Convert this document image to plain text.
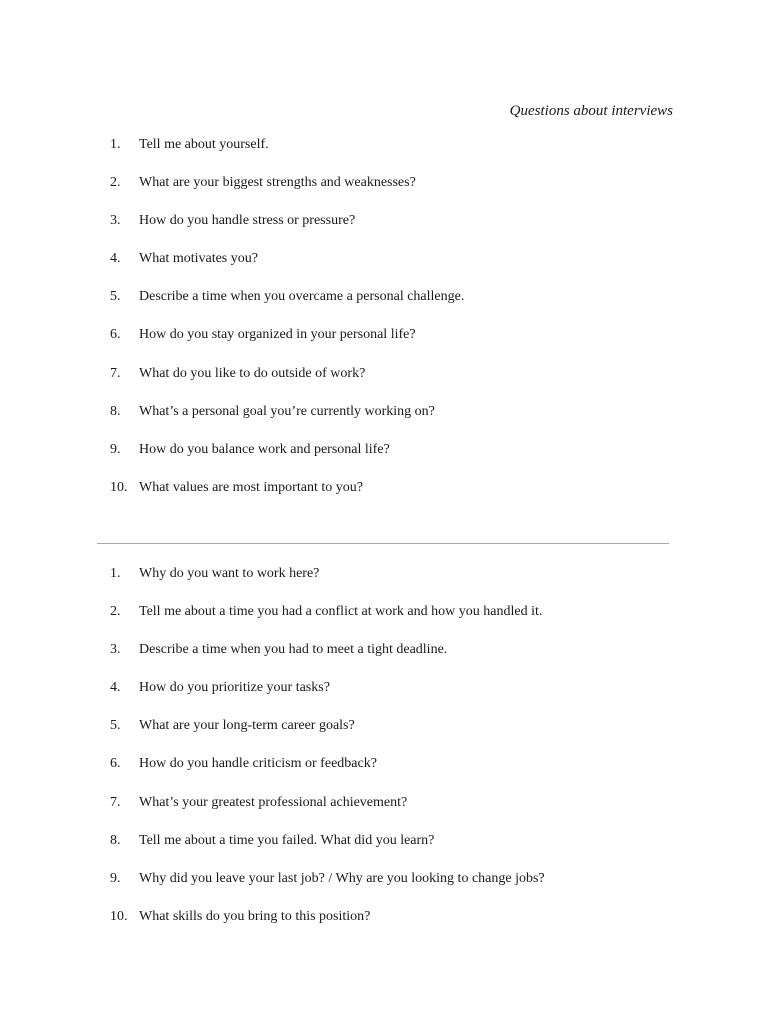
Questions about interviews
1.	Tell me about yourself.
2.	What are your biggest strengths and weaknesses?
3.	How do you handle stress or pressure?
4.	What motivates you?
5.	Describe a time when you overcame a personal challenge.
6.	How do you stay organized in your personal life?
7.	What do you like to do outside of work?
8.	What’s a personal goal you’re currently working on?
9.	How do you balance work and personal life?
10. What values are most important to you?
1.	Why do you want to work here?
2.	Tell me about a time you had a conflict at work and how you handled it.
3.	Describe a time when you had to meet a tight deadline.
4.	How do you prioritize your tasks?
5.	What are your long-term career goals?
6.	How do you handle criticism or feedback?
7.	What’s your greatest professional achievement?
8.	Tell me about a time you failed. What did you learn?
9.	Why did you leave your last job? / Why are you looking to change jobs?
10. What skills do you bring to this position?
